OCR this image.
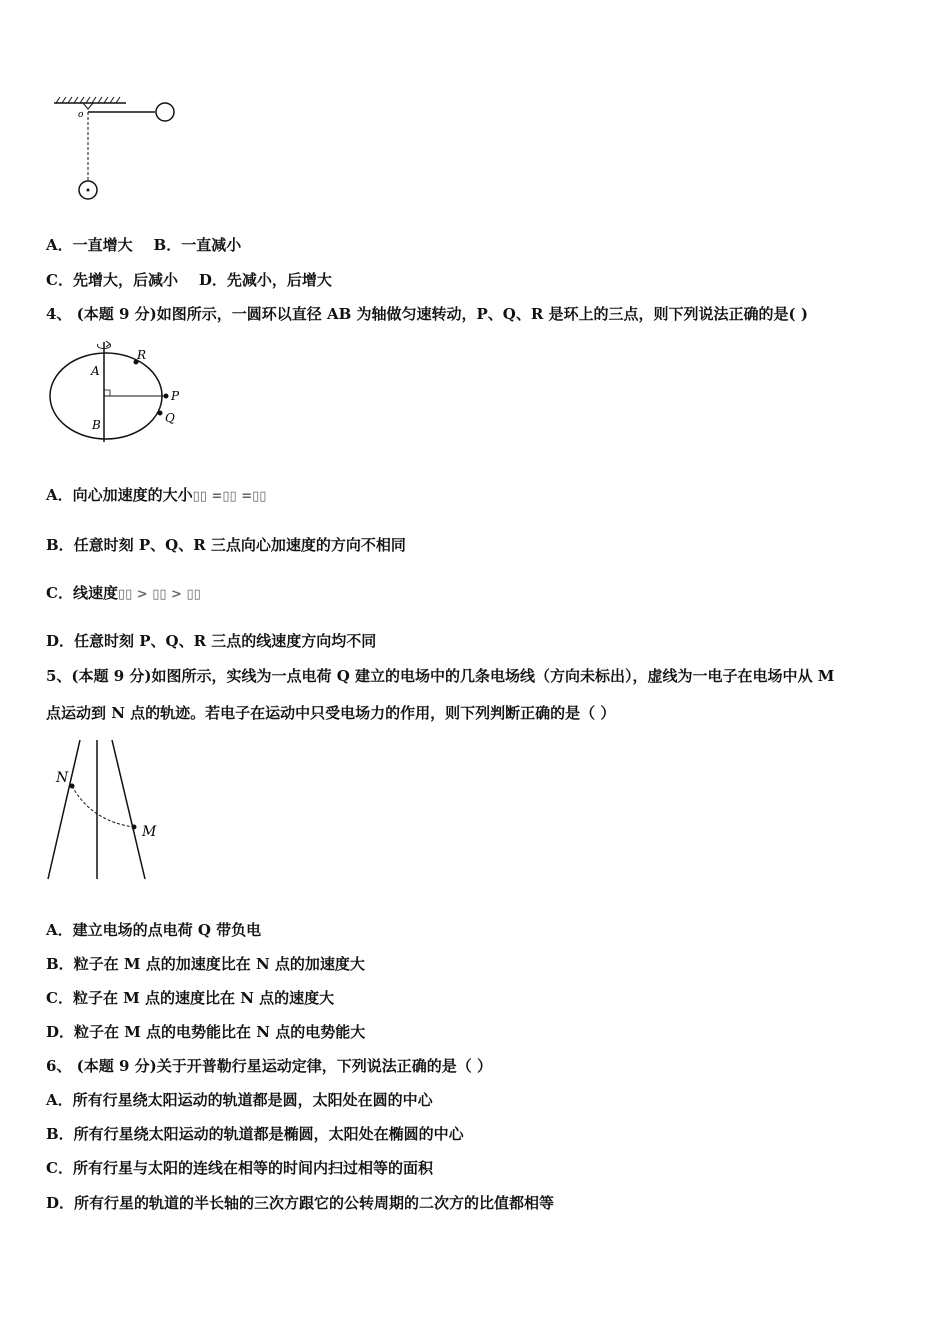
o
A．一直增大 B．一直减小
C．先增大，后减小 D．先减小，后增大
4、 (本题 9 分)如图所示，一圆环以直径 AB 为轴做匀速转动，P、Q、R 是环上的三点，则下列说法正确的是( )
R
A
P
Q
B
A．向心加速度的大小▯▯ =▯▯ =▯▯
B．任意时刻 P、Q、R 三点向心加速度的方向不相同
C．线速度▯▯ > ▯▯ > ▯▯
D．任意时刻 P、Q、R 三点的线速度方向均不同
5、(本题 9 分)如图所示，实线为一点电荷 Q 建立的电场中的几条电场线（方向未标出），虚线为一电子在电场中从 M
点运动到 N 点的轨迹。若电子在运动中只受电场力的作用，则下列判断正确的是（ ）
N
M
A．建立电场的点电荷 Q 带负电
B．粒子在 M 点的加速度比在 N 点的加速度大
C．粒子在 M 点的速度比在 N 点的速度大
D．粒子在 M 点的电势能比在 N 点的电势能大
6、 (本题 9 分)关于开普勒行星运动定律，下列说法正确的是（ ）
A．所有行星绕太阳运动的轨道都是圆，太阳处在圆的中心
B．所有行星绕太阳运动的轨道都是椭圆，太阳处在椭圆的中心
C．所有行星与太阳的连线在相等的时间内扫过相等的面积
D．所有行星的轨道的半长轴的三次方跟它的公转周期的二次方的比值都相等
